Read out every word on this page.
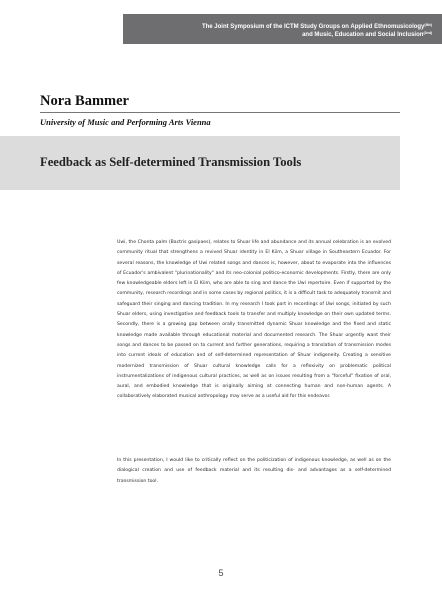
The Joint Symposium of the ICTM Study Groups on Applied Ethnomusicology$^{(8th)}$
and Music, Education and Social Inclusion$^{(2nd)}$
Nora Bammer
University of Music and Performing Arts Vienna
Feedback as Self-determined Transmission Tools

Uwi, the Chonta palm (Bactris gasipaes), relates to Shuar life and abundance and its annual celebration is an evolved community ritual that strengthens a revived Shuar identity in El Kiim, a Shuar village in Southeastern Ecuador. For several reasons, the knowledge of Uwi related songs and dances is, however, about to evaporate into the influences of Ecuador's ambivalent "plurinationality" and its neo-colonial politico-economic developments. Firstly, there are only few knowledgeable elders left in El Kiim, who are able to sing and dance the Uwi repertoire. Even if supported by the community, research recordings and in some cases by regional politics, it is a difficult task to adequately transmit and safeguard their singing and dancing tradition. In my research I took part in recordings of Uwi songs, initiated by such Shuar elders, using investigative and feedback tools to transfer and multiply knowledge on their own updated terms. Secondly, there is a growing gap between orally transmitted dynamic Shuar knowledge and the fixed and static knowledge made available through educational material and documented research. The Shuar urgently want their songs and dances to be passed on to current and further generations, requiring a translation of transmission modes into current ideals of education and of self-determined representation of Shuar indigeneity. Creating a sensitive modernized transmission of Shuar cultural knowledge calls for a reflexivity on problematic political instrumentalizations of indigenous cultural practices, as well as on issues resulting from a "forceful" fixation of oral, aural, and embodied knowledge that is originally aiming at connecting human and non-human agents. A collaboratively elaborated musical anthropology may serve as a useful aid for this endeavor.

In this presentation, I would like to critically reflect on the politicization of indigenous knowledge, as well as on the dialogical creation and use of feedback material and its resulting dis- and advantages as a self-determined transmission tool.

5
